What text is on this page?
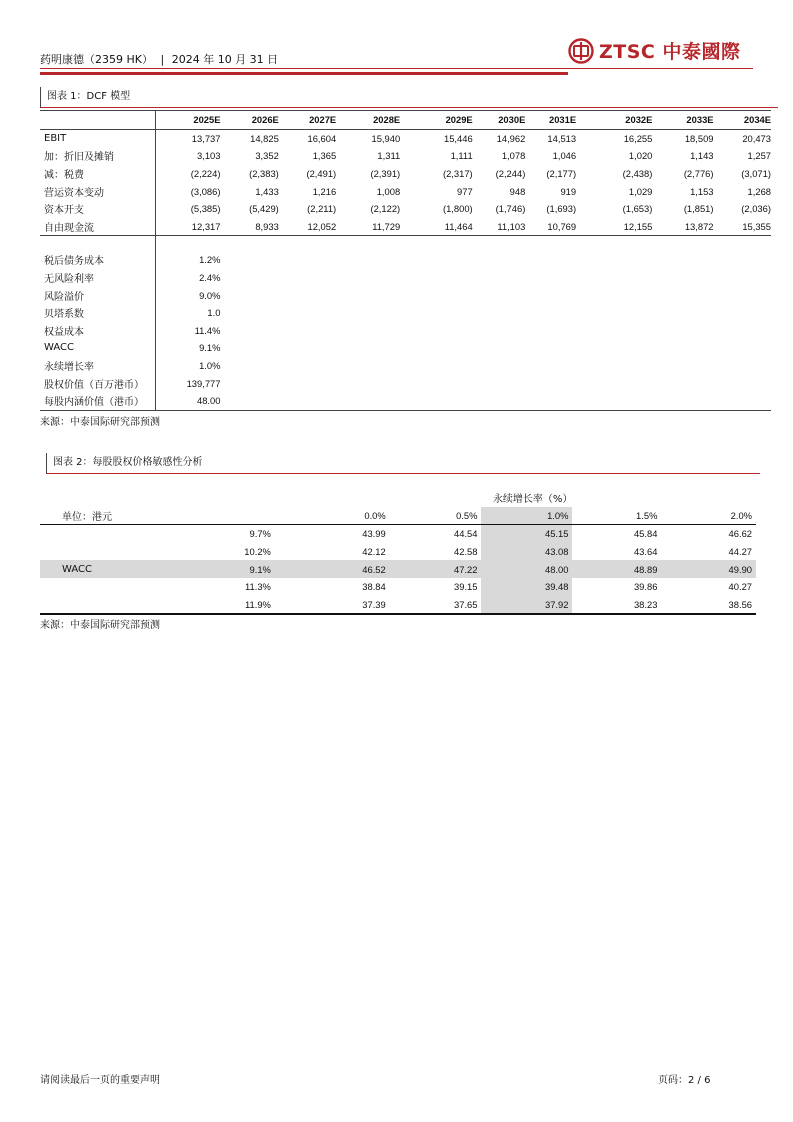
药明康德（2359 HK） | 2024 年 10 月 31 日	ZTSC 中泰國際
图表 1：DCF 模型
	2025E	2026E	2027E	2028E	2029E	2030E	2031E	2032E	2033E	2034E
EBIT	13,737	14,825	16,604	15,940	15,446	14,962	14,513	16,255	18,509	20,473
加：折旧及摊销	3,103	3,352	1,365	1,311	1,111	1,078	1,046	1,020	1,143	1,257
减：税费	(2,224)	(2,383)	(2,491)	(2,391)	(2,317)	(2,244)	(2,177)	(2,438)	(2,776)	(3,071)
营运资本变动	(3,086)	1,433	1,216	1,008	977	948	919	1,029	1,153	1,268
资本开支	(5,385)	(5,429)	(2,211)	(2,122)	(1,800)	(1,746)	(1,693)	(1,653)	(1,851)	(2,036)
自由现金流	12,317	8,933	12,052	11,729	11,464	11,103	10,769	12,155	13,872	15,355

税后债务成本	1.2%									
无风险利率	2.4%									
风险溢价	9.0%									
贝塔系数	1.0									
权益成本	11.4%									
WACC	9.1%									
永续增长率	1.0%									
股权价值（百万港币）	139,777									
每股内涵价值（港币）	48.00									
来源：中泰国际研究部预测
图表 2：每股股权价格敏感性分析
				永续增长率（%）		
单位：港元		0.0%	0.5%	1.0%	1.5%	2.0%
	9.7%	43.99	44.54	45.15	45.84	46.62
	10.2%	42.12	42.58	43.08	43.64	44.27
WACC	9.1%	46.52	47.22	48.00	48.89	49.90
	11.3%	38.84	39.15	39.48	39.86	40.27
	11.9%	37.39	37.65	37.92	38.23	38.56
来源：中泰国际研究部预测
请阅读最后一页的重要声明	页码：2 / 6
